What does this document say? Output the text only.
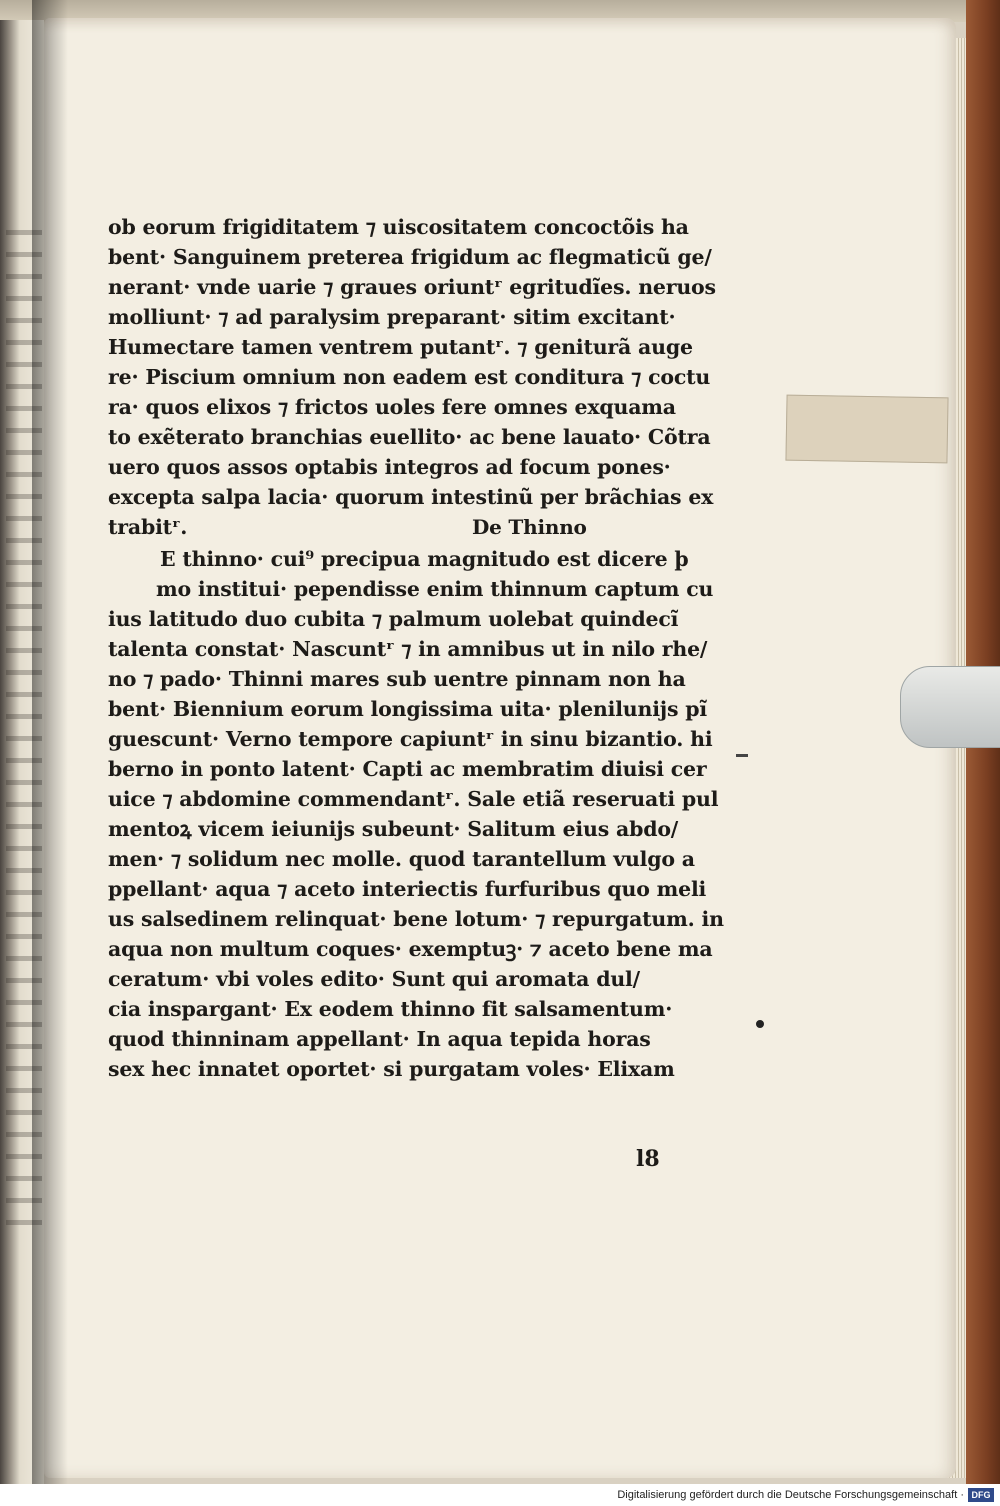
ob eorum frigiditatem ⁊ uiscositatem concoctõis ha
bent· Sanguinem preterea frigidum ac flegmaticũ ge/
nerant· vnde uarie ⁊ graues oriuntʳ egritudĩes. neruos
molliunt· ⁊ ad paralysim preparant· sitim excitant·
Humectare tamen ventrem putantʳ. ⁊ geniturã auge
re· Piscium omnium non eadem est conditura ⁊ coctu
ra· quos elixos ⁊ frictos uoles fere omnes exquama
to exẽterato branchias euellito· ac bene lauato· Cõtra
uero quos assos optabis integros ad focum pones·
excepta salpa lacia· quorum intestinũ per brãchias ex
trabitʳ.	De Thinno
E thinno· cui⁹ precipua magnitudo est dicere þ
mo institui· pependisse enim thinnum captum cu
ius latitudo duo cubita ⁊ palmum uolebat quindecĩ
talenta constat· Nascuntʳ ⁊ in amnibus ut in nilo rhe/
no ⁊ pado· Thinni mares sub uentre pinnam non ha
bent· Biennium eorum longissima uita· plenilunijs pĩ
guescunt· Verno tempore capiuntʳ in sinu bizantio. hi
berno in ponto latent· Capti ac membratim diuisi cer
uice ⁊ abdomine commendantʳ. Sale etiã reseruati pul
mentoꝝ vicem ieiunijs subeunt· Salitum eius abdo/
men· ⁊ solidum nec molle. quod tarantellum vulgo a
ppellant· aqua ⁊ aceto interiectis furfuribus quo meli
us salsedinem relinquat· bene lotum· ⁊ repurgatum. in
aqua non multum coques· exemptuꝫ· ⁊ aceto bene ma
ceratum· vbi voles edito· Sunt qui aromata dul/
cia inspargant· Ex eodem thinno fit salsamentum·
quod thinninam appellant· In aqua tepida horas
sex hec innatet oportet· si purgatam voles· Elixam
l8
Digitalisierung gefördert durch die Deutsche Forschungsgemeinschaft · DFG
